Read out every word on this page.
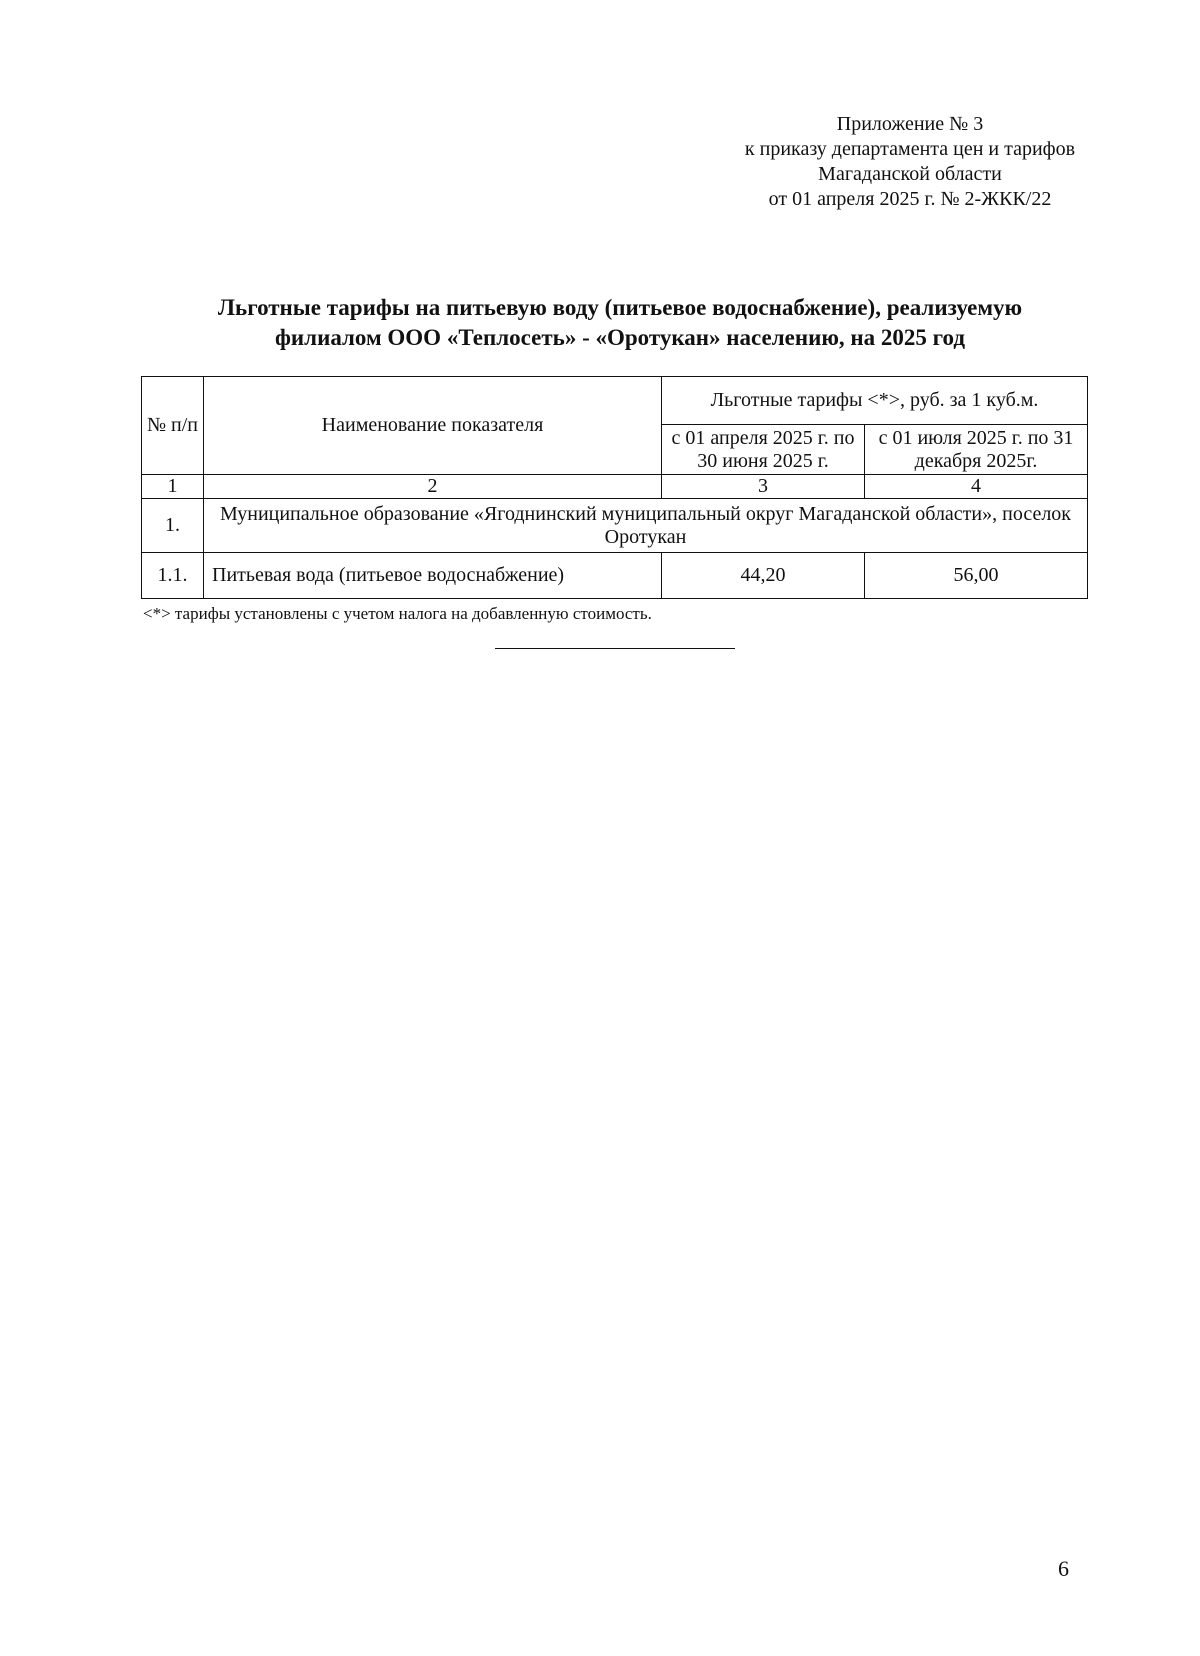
Приложение № 3
к приказу департамента цен и тарифов
Магаданской области
от 01 апреля 2025 г. № 2-ЖКК/22
Льготные тарифы на питьевую воду (питьевое водоснабжение), реализуемую
филиалом ООО «Теплосеть» - «Оротукан» населению, на 2025 год
№ п/п	Наименование показателя	Льготные тарифы <*>, руб. за 1 куб.м.	
		с 01 апреля 2025 г. по 30 июня 2025 г.	с 01 июля 2025 г. по 31 декабря 2025г.
1	2	3	4
1.	Муниципальное образование «Ягоднинский муниципальный округ Магаданской области», поселок Оротукан		
1.1.	Питьевая вода (питьевое водоснабжение)	44,20	56,00
<*> тарифы установлены с учетом налога на добавленную стоимость.
6
